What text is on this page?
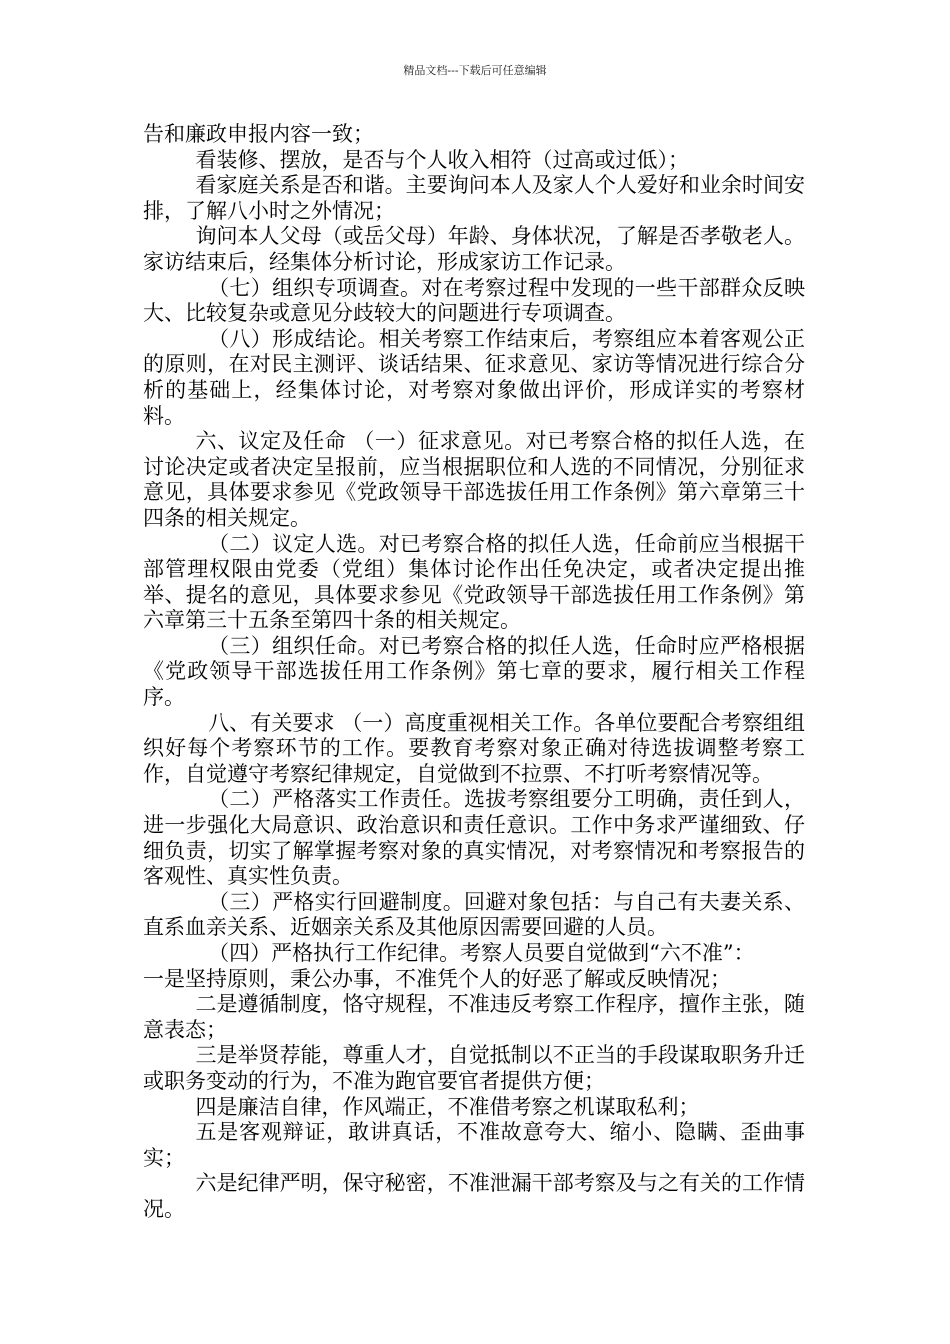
精品文档---下载后可任意编辑

告和廉政申报内容一致；

看装修、摆放，是否与个人收入相符（过高或过低）；

看家庭关系是否和谐。主要询问本人及家人个人爱好和业余时间安排，了解八小时之外情况；

询问本人父母（或岳父母）年龄、身体状况，了解是否孝敬老人。家访结束后，经集体分析讨论，形成家访工作记录。

（七）组织专项调查。对在考察过程中发现的一些干部群众反映大、比较复杂或意见分歧较大的问题进行专项调查。

（八）形成结论。相关考察工作结束后，考察组应本着客观公正的原则，在对民主测评、谈话结果、征求意见、家访等情况进行综合分析的基础上，经集体讨论，对考察对象做出评价，形成详实的考察材料。

六、议定及任命 （一）征求意见。对已考察合格的拟任人选，在讨论决定或者决定呈报前，应当根据职位和人选的不同情况，分别征求意见，具体要求参见《党政领导干部选拔任用工作条例》第六章第三十四条的相关规定。

（二）议定人选。对已考察合格的拟任人选，任命前应当根据干部管理权限由党委（党组）集体讨论作出任免决定，或者决定提出推举、提名的意见，具体要求参见《党政领导干部选拔任用工作条例》第六章第三十五条至第四十条的相关规定。

（三）组织任命。对已考察合格的拟任人选，任命时应严格根据《党政领导干部选拔任用工作条例》第七章的要求，履行相关工作程序。

八、有关要求 （一）高度重视相关工作。各单位要配合考察组组织好每个考察环节的工作。要教育考察对象正确对待选拔调整考察工作，自觉遵守考察纪律规定，自觉做到不拉票、不打听考察情况等。

（二）严格落实工作责任。选拔考察组要分工明确，责任到人，进一步强化大局意识、政治意识和责任意识。工作中务求严谨细致、仔细负责，切实了解掌握考察对象的真实情况，对考察情况和考察报告的客观性、真实性负责。

（三）严格实行回避制度。回避对象包括：与自己有夫妻关系、直系血亲关系、近姻亲关系及其他原因需要回避的人员。

（四）严格执行工作纪律。考察人员要自觉做到“六不准”：

一是坚持原则，秉公办事，不准凭个人的好恶了解或反映情况；

二是遵循制度，恪守规程，不准违反考察工作程序，擅作主张，随意表态；

三是举贤荐能，尊重人才，自觉抵制以不正当的手段谋取职务升迁或职务变动的行为，不准为跑官要官者提供方便；

四是廉洁自律，作风端正，不准借考察之机谋取私利；

五是客观辩证，敢讲真话，不准故意夸大、缩小、隐瞒、歪曲事实；

六是纪律严明，保守秘密，不准泄漏干部考察及与之有关的工作情况。
